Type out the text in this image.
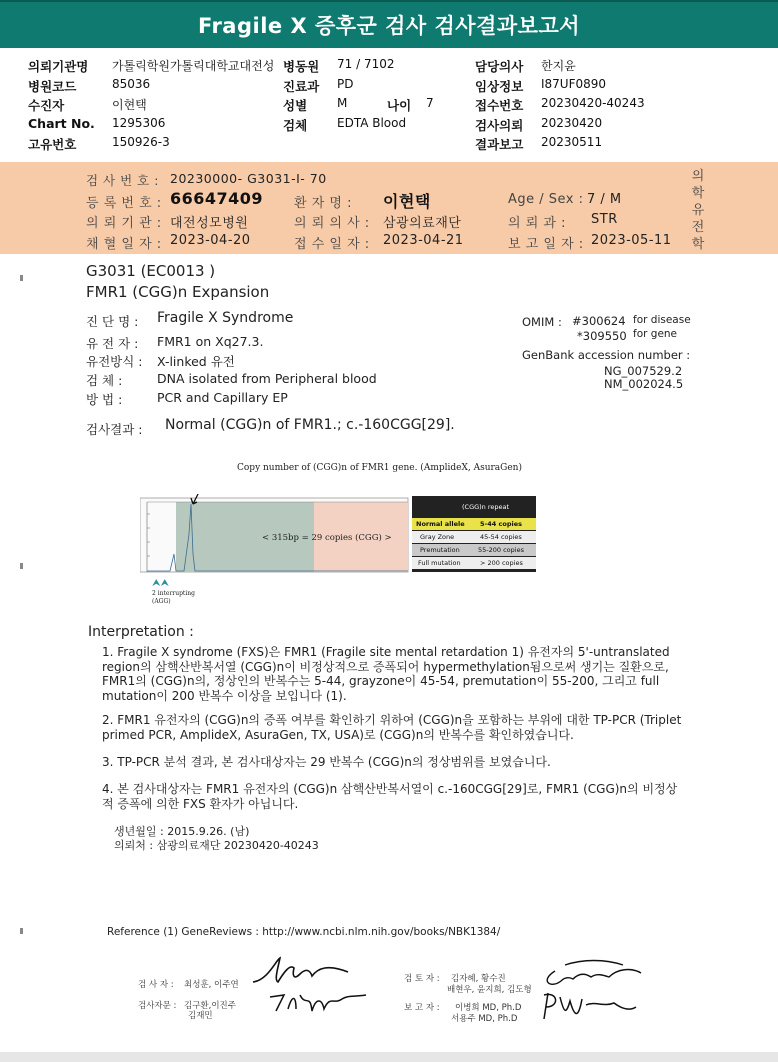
Fragile X 증후군 검사 검사결과보고서
의뢰기관명 가톨릭학원가톨릭대학교대전성 병동원 71 / 7102	담당의사 한지윤
병원코드	85036	진료과 PD	임상정보 I87UF0890
수진자	이현택	성별 M	나이 7	접수번호 20230420-40243
Chart No. 1295306	검체 EDTA Blood	검사의뢰 20230420
고유번호	150926-3	결과보고 20230511
검 사 번 호 : 20230000- G3031-I- 70
등 록 번 호 : 66647409 환 자 명 : 이현택	Age / Sex : 7 / M
의 뢰 기 관 : 대전성모병원	의 뢰 의 사 : 삼광의료재단	의 뢰 과 : STR
채 혈 일 자 : 2023-04-20	접 수 일 자 : 2023-04-21	보 고 일 자 : 2023-05-11
의
학
유
전
학
G3031 (EC0013 )
FMR1 (CGG)n Expansion
진 단 명 : Fragile X Syndrome
유 전 자 : FMR1 on Xq27.3.
유전방식 : X-linked 유전
검 체 :	DNA isolated from Peripheral blood
방 법 :	PCR and Capillary EP
검사결과 : Normal (CGG)n of FMR1.; c.-160CGG[29].
OMIM : #300624 for disease
*309550 for gene
GenBank accession number :
NG_007529.2
NM_002024.5
Copy number of (CGG)n of FMR1 gene. (AmplideX, AsuraGen)
⮝⮝
< 315bp = 29 copies (CGG) >
2 interrupting
(AGG)
(CGG)n repeat
Normal allele 5-44 copies
Gray Zone	45-54 copies
Premutation	55-200 copies
Full mutation	> 200 copies
Interpretation :
1. Fragile X syndrome (FXS)은 FMR1 (Fragile site mental retardation 1) 유전자의 5'-untranslated region의 삼핵산반복서열 (CGG)n이 비정상적으로 증폭되어 hypermethylation됨으로써 생기는 질환으로, FMR1의 (CGG)n의, 정상인의 반복수는 5-44, grayzone이 45-54, premutation이 55-200, 그리고 full mutation이 200 반복수 이상을 보입니다 (1).
2. FMR1 유전자의 (CGG)n의 증폭 여부를 확인하기 위하여 (CGG)n을 포함하는 부위에 대한 TP-PCR (Triplet primed PCR, AmplideX, AsuraGen, TX, USA)로 (CGG)n의 반복수를 확인하였습니다.
3. TP-PCR 분석 결과, 본 검사대상자는 29 반복수 (CGG)n의 정상범위를 보였습니다.
4. 본 검사대상자는 FMR1 유전자의 (CGG)n 삼핵산반복서열이 c.-160CGG[29]로, FMR1 (CGG)n의 비정상적 증폭에 의한 FXS 환자가 아닙니다.
생년월일 : 2015.9.26. (남)
의뢰처 : 삼광의료재단 20230420-40243
Reference (1) GeneReviews : http://www.ncbi.nlm.nih.gov/books/NBK1384/
검 사 자 : 최성훈, 이주연
검사자문 : 김구환,이진주
김재민
검 토 자 : 김자혜, 황수진
배현우, 윤지희, 김도형
보 고 자 : 이병희 MD, Ph.D
서용주 MD, Ph.D
